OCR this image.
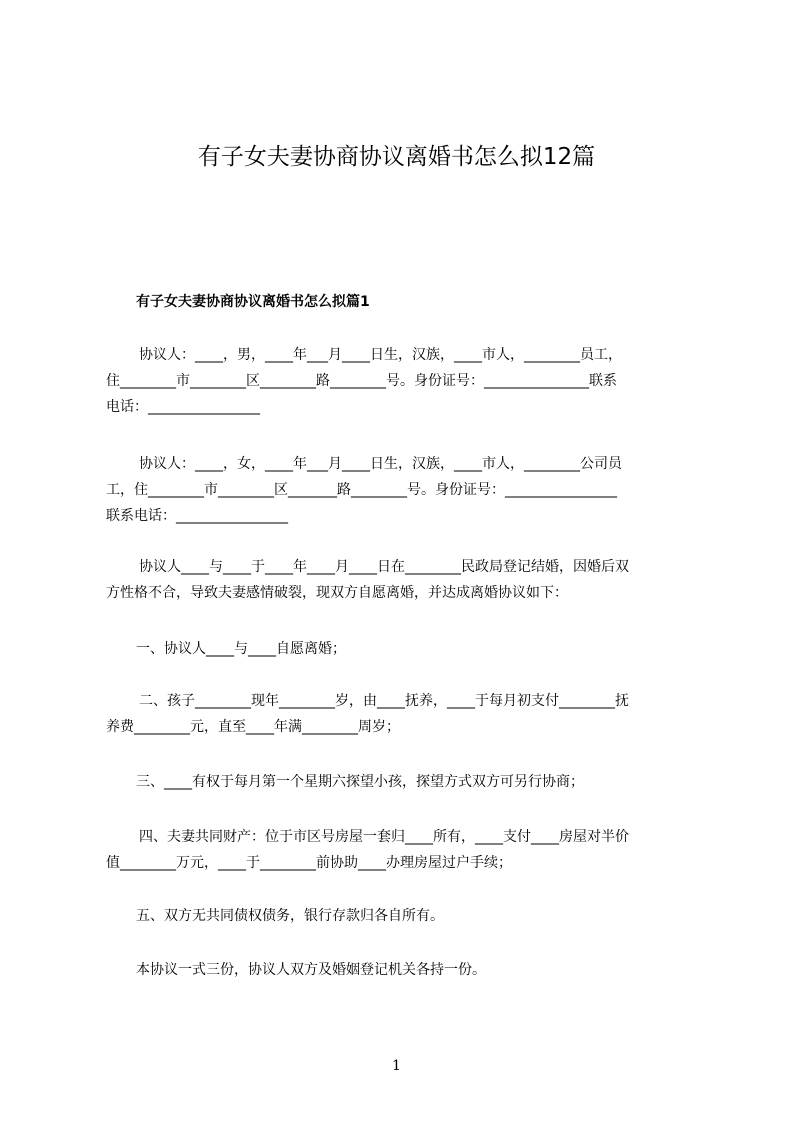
有子女夫妻协商协议离婚书怎么拟12篇
有子女夫妻协商协议离婚书怎么拟篇1
协议人：____，男，____年___月____日生，汉族，____市人，________员工，
住________市________区________路________号。身份证号：_______________联系
电话：________________
协议人：____，女，____年___月____日生，汉族，____市人，________公司员
工，住________市________区_______路________号。身份证号：________________
联系电话：________________
协议人____与____于____年____月____日在________民政局登记结婚，因婚后双
方性格不合，导致夫妻感情破裂，现双方自愿离婚，并达成离婚协议如下：
一、协议人____与____自愿离婚；
二、孩子________现年________岁，由____抚养，____于每月初支付________抚
养费________元，直至____年满________周岁；
三、____有权于每月第一个星期六探望小孩，探望方式双方可另行协商；
四、夫妻共同财产：位于市区号房屋一套归____所有，____支付____房屋对半价
值________万元，____于________前协助____办理房屋过户手续；
五、双方无共同债权债务，银行存款归各自所有。
本协议一式三份，协议人双方及婚姻登记机关各持一份。
1
